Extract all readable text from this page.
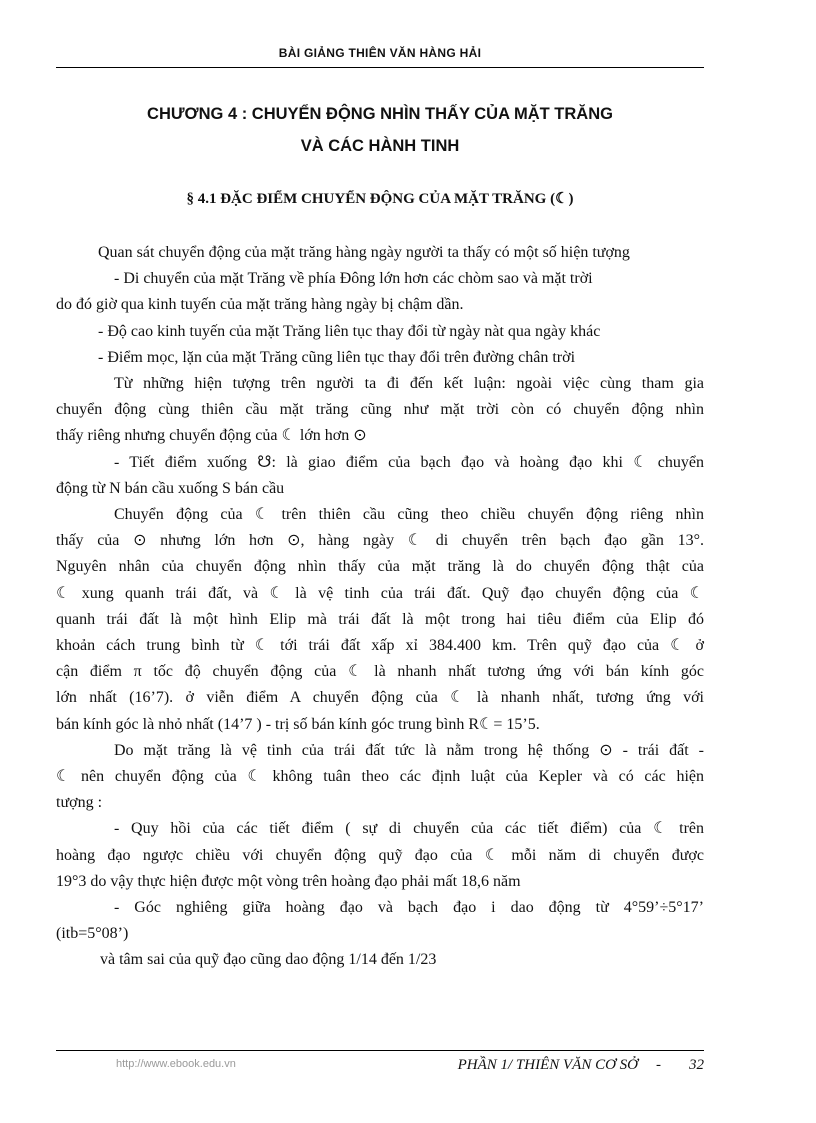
BÀI GIẢNG THIÊN VĂN HÀNG HẢI
CHƯƠNG 4 : CHUYỂN ĐỘNG NHÌN THẤY CỦA MẶT TRĂNG
VÀ CÁC HÀNH TINH
§ 4.1 ĐẶC ĐIỂM CHUYỂN ĐỘNG CỦA MẶT TRĂNG (☾)

Quan sát chuyển động của mặt trăng hàng ngày người ta thấy có một số hiện tượng

- Di chuyển của mặt Trăng về phía Đông lớn hơn các chòm sao và mặt trời

do đó giờ qua kinh tuyến của mặt trăng hàng ngày bị chậm dần.

- Độ cao kinh tuyến của mặt Trăng liên tục thay đổi từ ngày nàt qua ngày khác

- Điểm mọc, lặn của mặt Trăng cũng liên tục thay đổi trên đường chân trời

Từ những hiện tượng trên người ta đi đến kết luận: ngoài việc cùng tham gia

chuyển động cùng thiên cầu mặt trăng cũng như mặt trời còn có chuyển động nhìn

thấy riêng nhưng chuyển động của ☾ lớn hơn ⊙

- Tiết điểm xuống ☋: là giao điểm của bạch đạo và hoàng đạo khi ☾ chuyển

động từ N bán cầu xuống S bán cầu

Chuyển động của ☾ trên thiên cầu cũng theo chiều chuyển động riêng nhìn

thấy của ⊙ nhưng lớn hơn ⊙, hàng ngày ☾ di chuyển trên bạch đạo gần 13°.

Nguyên nhân của chuyển động nhìn thấy của mặt trăng là do chuyển động thật của

☾ xung quanh trái đất, và ☾ là vệ tinh của trái đất. Quỹ đạo chuyển động của ☾

quanh trái đất là một hình Elip mà trái đất là một trong hai tiêu điểm của Elip đó

khoản cách trung bình từ ☾ tới trái đất xấp xỉ 384.400 km. Trên quỹ đạo của ☾ ở

cận điểm π tốc độ chuyển động của ☾ là nhanh nhất tương ứng với bán kính góc

lớn nhất (16’7). ở viễn điểm A chuyển động của ☾ là nhanh nhất, tương ứng với

bán kính góc là nhỏ nhất (14’7 ) - trị số bán kính góc trung bình R☾= 15’5.

Do mặt trăng là vệ tinh của trái đất tức là nằm trong hệ thống ⊙ - trái đất -

☾ nên chuyển động của ☾ không tuân theo các định luật của Kepler và có các hiện

tượng :

- Quy hồi của các tiết điểm ( sự di chuyển của các tiết điểm) của ☾ trên

hoàng đạo ngược chiều với chuyển động quỹ đạo của ☾ mỗi năm di chuyển được

19°3 do vậy thực hiện được một vòng trên hoàng đạo phải mất 18,6 năm

- Góc nghiêng giữa hoàng đạo và bạch đạo i dao động từ 4°59’÷5°17’

(itb=5°08’)

và tâm sai của quỹ đạo cũng dao động 1/14 đến 1/23

http://www.ebook.edu.vn	PHẦN 1/ THIÊN VĂN CƠ SỞ - 32
